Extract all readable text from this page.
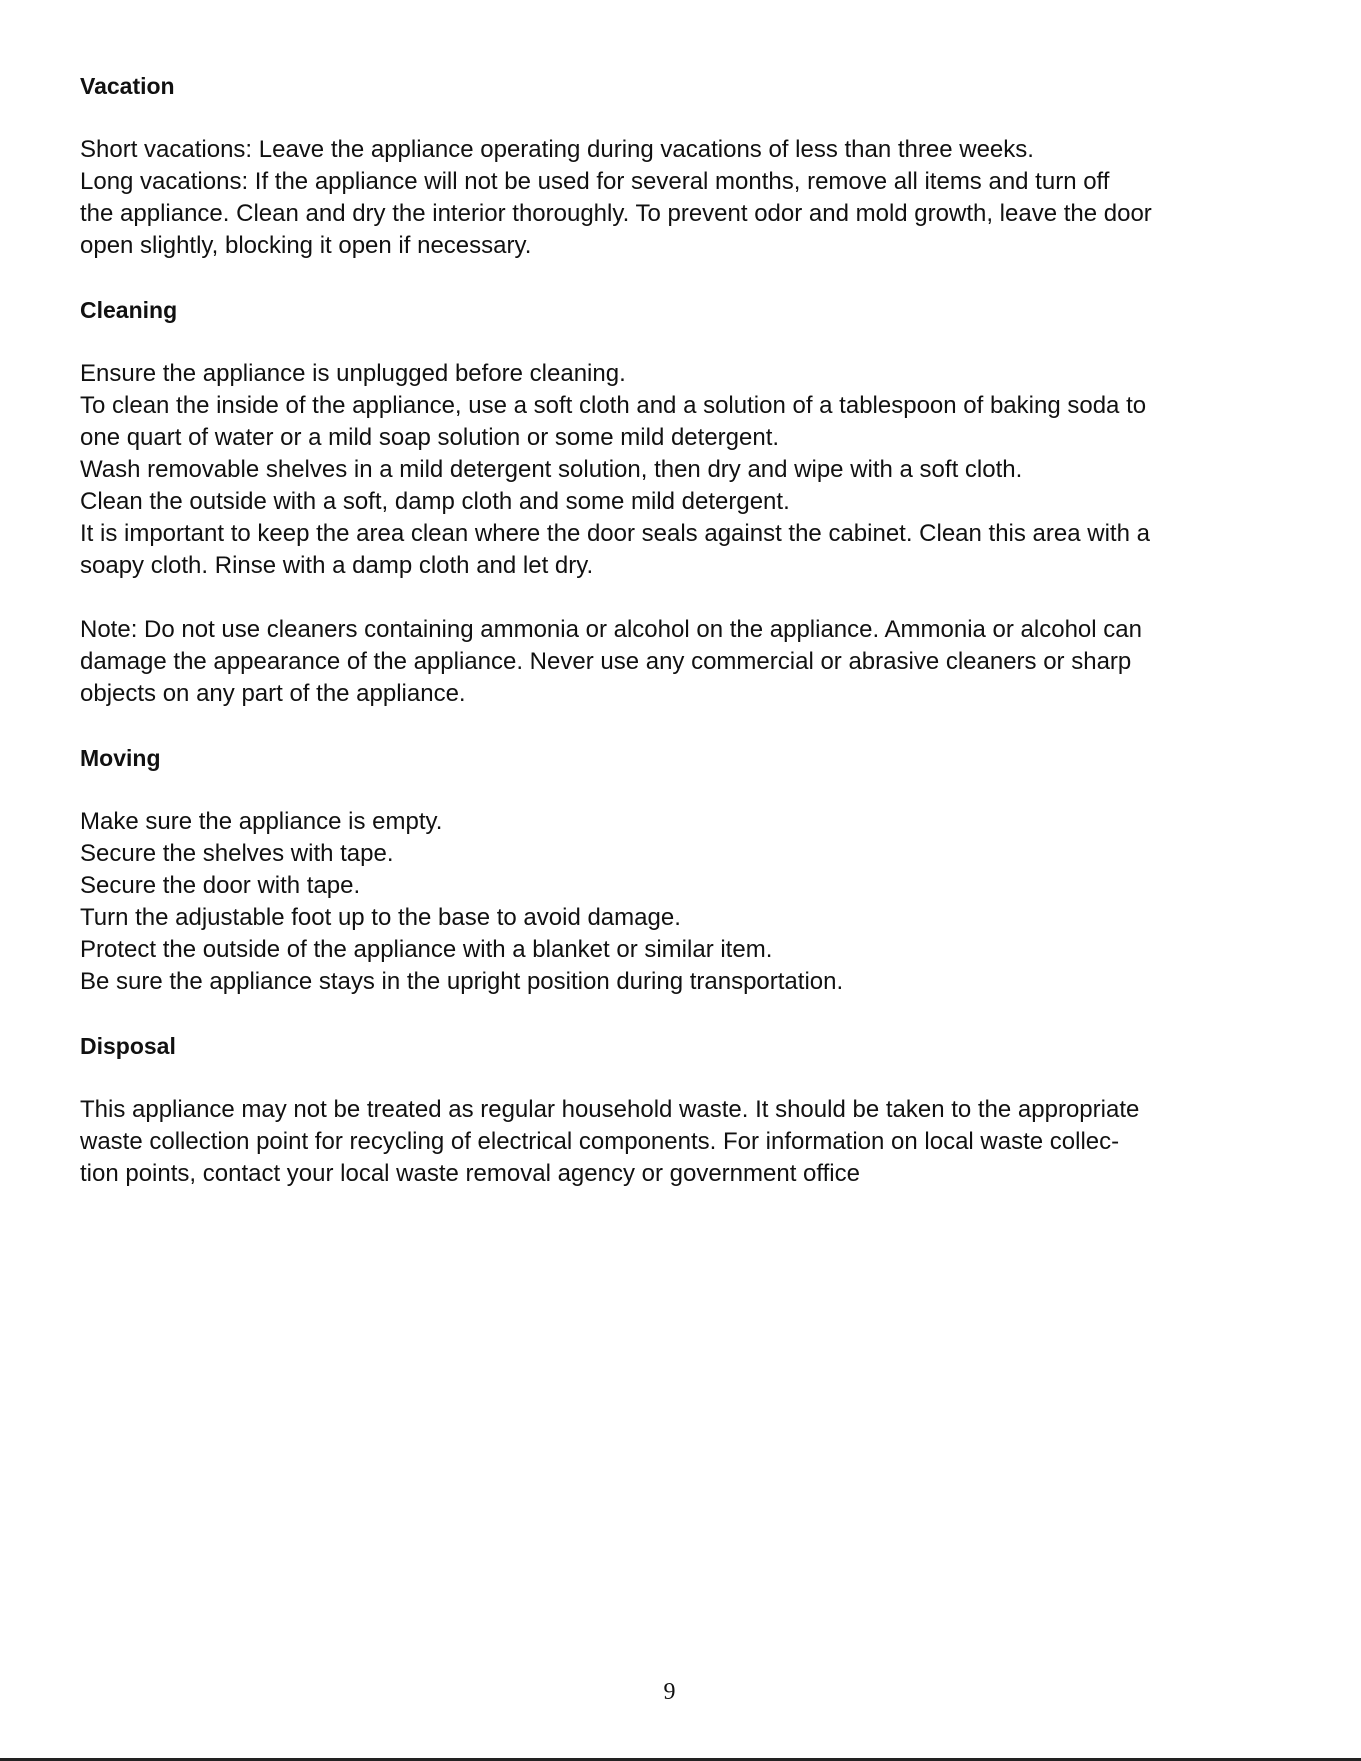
Vacation

Short vacations: Leave the appliance operating during vacations of less than three weeks.
Long vacations: If the appliance will not be used for several months, remove all items and turn off
the appliance. Clean and dry the interior thoroughly. To prevent odor and mold growth, leave the door
open slightly, blocking it open if necessary.

Cleaning

Ensure the appliance is unplugged before cleaning.
To clean the inside of the appliance, use a soft cloth and a solution of a tablespoon of baking soda to
one quart of water or a mild soap solution or some mild detergent.
Wash removable shelves in a mild detergent solution, then dry and wipe with a soft cloth.
Clean the outside with a soft, damp cloth and some mild detergent.
It is important to keep the area clean where the door seals against the cabinet. Clean this area with a
soapy cloth. Rinse with a damp cloth and let dry.

Note: Do not use cleaners containing ammonia or alcohol on the appliance. Ammonia or alcohol can
damage the appearance of the appliance. Never use any commercial or abrasive cleaners or sharp
objects on any part of the appliance.

Moving

Make sure the appliance is empty.
Secure the shelves with tape.
Secure the door with tape.
Turn the adjustable foot up to the base to avoid damage.
Protect the outside of the appliance with a blanket or similar item.
Be sure the appliance stays in the upright position during transportation.

Disposal

This appliance may not be treated as regular household waste. It should be taken to the appropriate
waste collection point for recycling of electrical components. For information on local waste collec-
tion points, contact your local waste removal agency or government office

9
